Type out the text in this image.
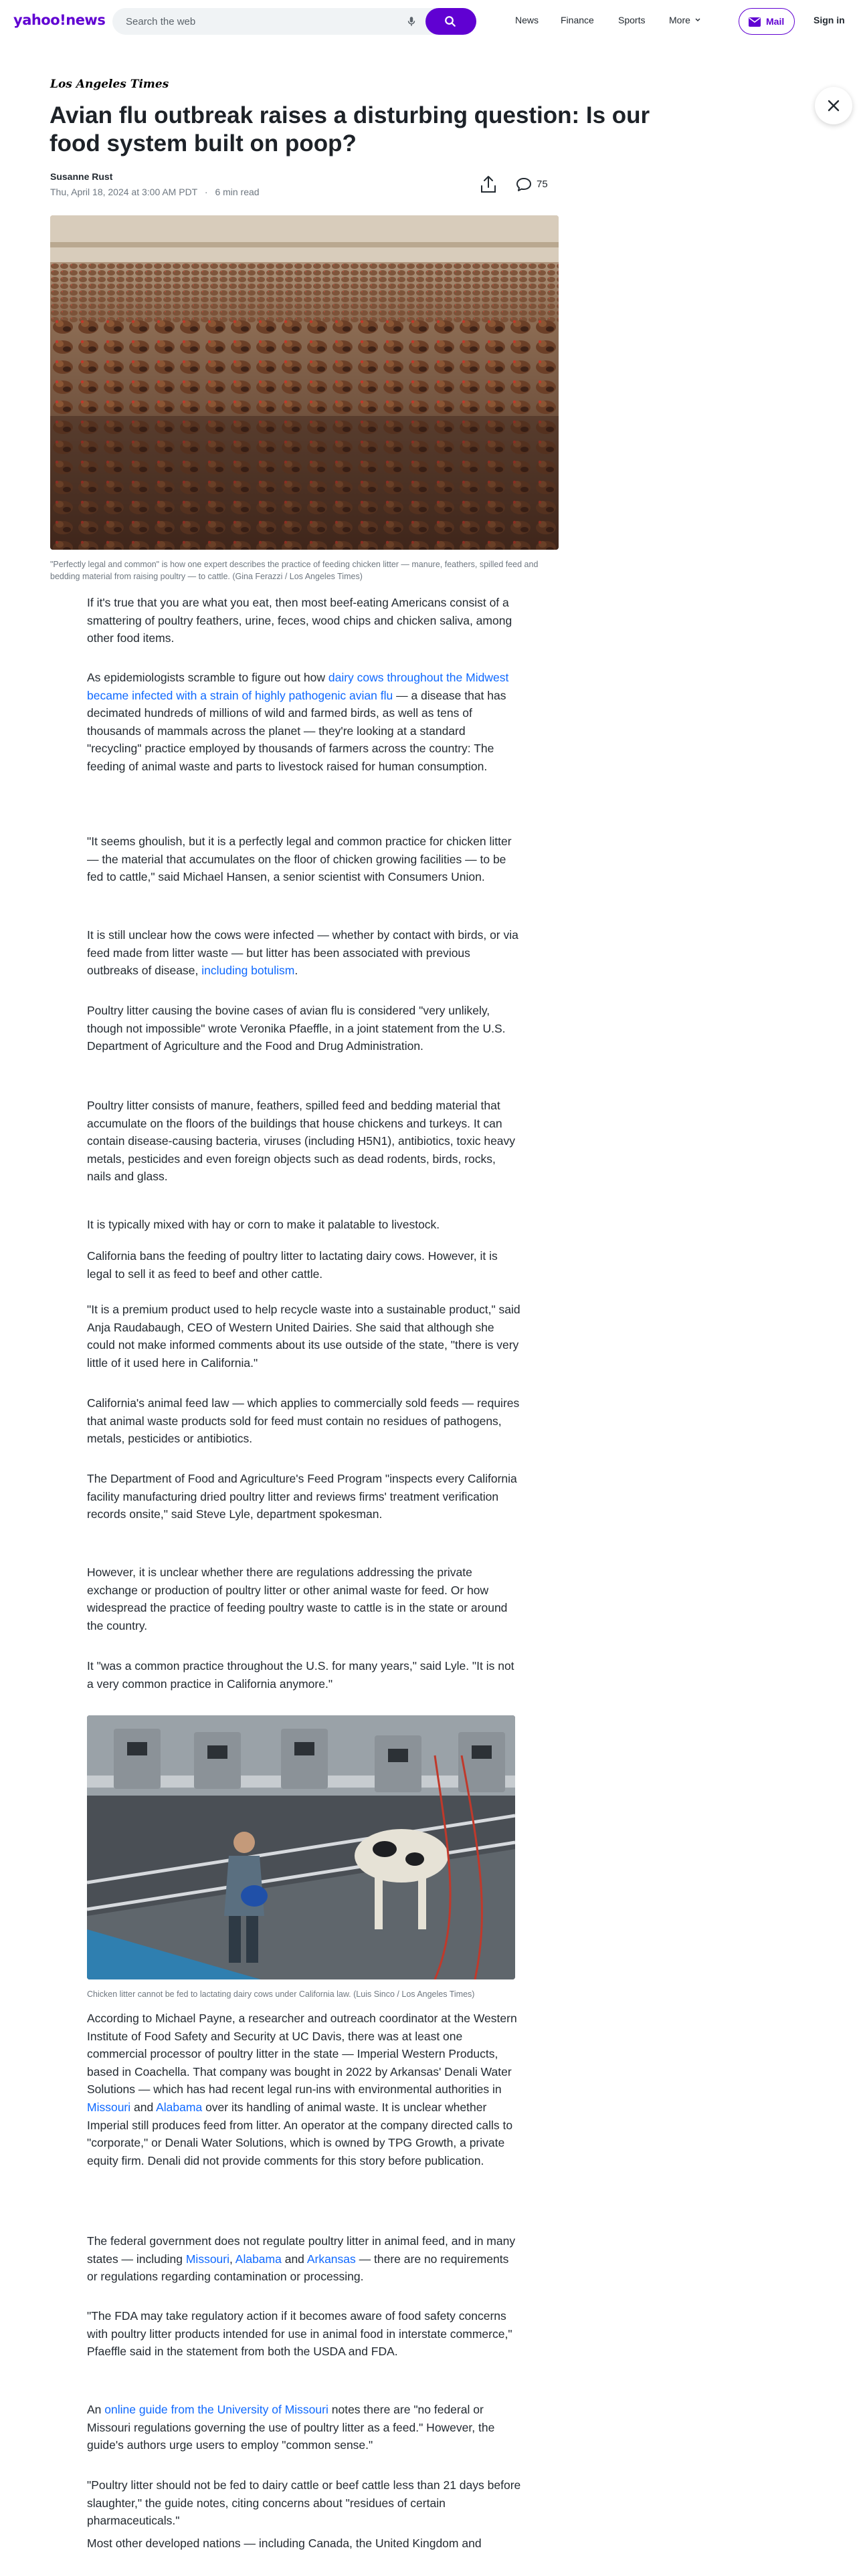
yahoo!news
Search the web	News Finance	Sports	More	Mail	Sign in
Los Angeles Times
Avian flu outbreak raises a disturbing question: Is our food system built on poop?
Susanne Rust
Thu, April 18, 2024 at 3:00 AM PDT · 6 min read
75
"Perfectly legal and common" is how one expert describes the practice of feeding chicken litter — manure, feathers, spilled feed and bedding material from raising poultry — to cattle. (Gina Ferazzi / Los Angeles Times)

If it's true that you are what you eat, then most beef-eating Americans consist of a smattering of poultry feathers, urine, feces, wood chips and chicken saliva, among other food items.

As epidemiologists scramble to figure out how dairy cows throughout the Midwest became infected with a strain of highly pathogenic avian flu — a disease that has decimated hundreds of millions of wild and farmed birds, as well as tens of thousands of mammals across the planet — they're looking at a standard "recycling" practice employed by thousands of farmers across the country: The feeding of animal waste and parts to livestock raised for human consumption.

"It seems ghoulish, but it is a perfectly legal and common practice for chicken litter — the material that accumulates on the floor of chicken growing facilities — to be fed to cattle," said Michael Hansen, a senior scientist with Consumers Union.

It is still unclear how the cows were infected — whether by contact with birds, or via feed made from litter waste — but litter has been associated with previous outbreaks of disease, including botulism.

Poultry litter causing the bovine cases of avian flu is considered "very unlikely, though not impossible" wrote Veronika Pfaeffle, in a joint statement from the U.S. Department of Agriculture and the Food and Drug Administration.

Poultry litter consists of manure, feathers, spilled feed and bedding material that accumulate on the floors of the buildings that house chickens and turkeys. It can contain disease-causing bacteria, viruses (including H5N1), antibiotics, toxic heavy metals, pesticides and even foreign objects such as dead rodents, birds, rocks, nails and glass.

It is typically mixed with hay or corn to make it palatable to livestock.

California bans the feeding of poultry litter to lactating dairy cows. However, it is legal to sell it as feed to beef and other cattle.

"It is a premium product used to help recycle waste into a sustainable product," said Anja Raudabaugh, CEO of Western United Dairies. She said that although she could not make informed comments about its use outside of the state, "there is very little of it used here in California."

California's animal feed law — which applies to commercially sold feeds — requires that animal waste products sold for feed must contain no residues of pathogens, metals, pesticides or antibiotics.

The Department of Food and Agriculture's Feed Program "inspects every California facility manufacturing dried poultry litter and reviews firms' treatment verification records onsite," said Steve Lyle, department spokesman.

However, it is unclear whether there are regulations addressing the private exchange or production of poultry litter or other animal waste for feed. Or how widespread the practice of feeding poultry waste to cattle is in the state or around the country.

It "was a common practice throughout the U.S. for many years," said Lyle. "It is not a very common practice in California anymore."

Chicken litter cannot be fed to lactating dairy cows under California law. (Luis Sinco / Los Angeles Times)

According to Michael Payne, a researcher and outreach coordinator at the Western Institute of Food Safety and Security at UC Davis, there was at least one commercial processor of poultry litter in the state — Imperial Western Products, based in Coachella. That company was bought in 2022 by Arkansas' Denali Water Solutions — which has had recent legal run-ins with environmental authorities in Missouri and Alabama over its handling of animal waste. It is unclear whether Imperial still produces feed from litter. An operator at the company directed calls to "corporate," or Denali Water Solutions, which is owned by TPG Growth, a private equity firm. Denali did not provide comments for this story before publication.

The federal government does not regulate poultry litter in animal feed, and in many states — including Missouri, Alabama and Arkansas — there are no requirements or regulations regarding contamination or processing.

"The FDA may take regulatory action if it becomes aware of food safety concerns with poultry litter products intended for use in animal food in interstate commerce," Pfaeffle said in the statement from both the USDA and FDA.

An online guide from the University of Missouri notes there are "no federal or Missouri regulations governing the use of poultry litter as a feed." However, the guide's authors urge users to employ "common sense."

"Poultry litter should not be fed to dairy cattle or beef cattle less than 21 days before slaughter," the guide notes, citing concerns about "residues of certain pharmaceuticals."

Most other developed nations — including Canada, the United Kingdom and
